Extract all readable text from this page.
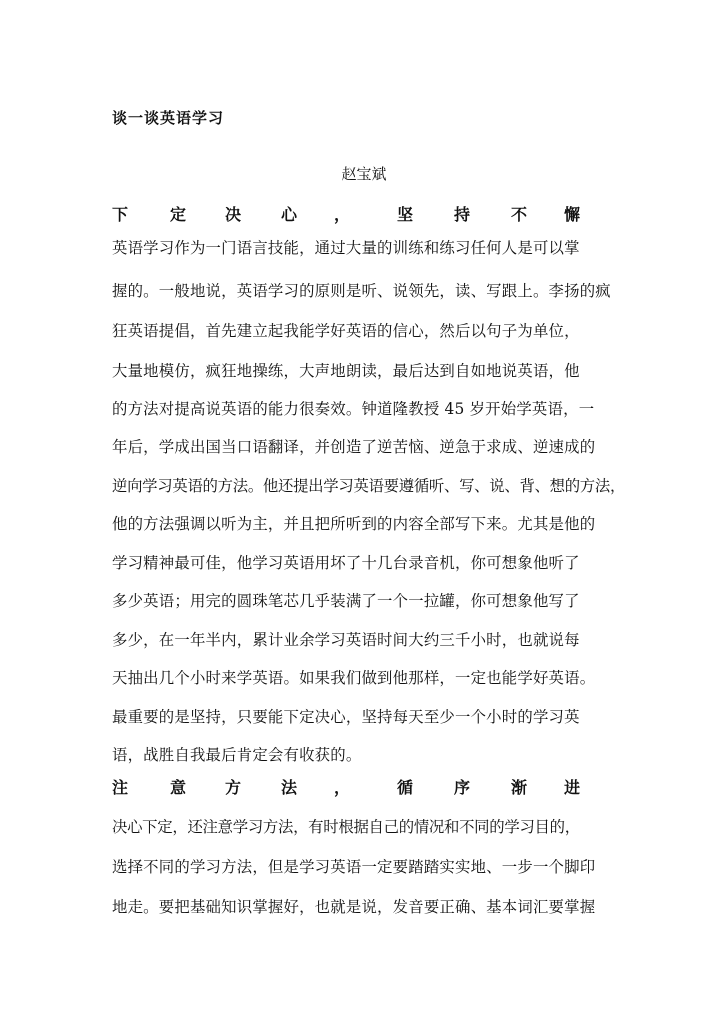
谈一谈英语学习
赵宝斌
下	定	决	心	，	坚	持	不	懈
英语学习作为一门语言技能，通过大量的训练和练习任何人是可以掌
握的。一般地说，英语学习的原则是听、说领先，读、写跟上。李扬的疯
狂英语提倡，首先建立起我能学好英语的信心，然后以句子为单位，
大量地模仿，疯狂地操练，大声地朗读，最后达到自如地说英语，他
的方法对提高说英语的能力很奏效。钟道隆教授 45 岁开始学英语，一
年后，学成出国当口语翻译，并创造了逆苦恼、逆急于求成、逆速成的
逆向学习英语的方法。他还提出学习英语要遵循听、写、说、背、想的方法，
他的方法强调以听为主，并且把所听到的内容全部写下来。尤其是他的
学习精神最可佳，他学习英语用坏了十几台录音机，你可想象他听了
多少英语；用完的圆珠笔芯几乎装满了一个一拉罐，你可想象他写了
多少，在一年半内，累计业余学习英语时间大约三千小时，也就说每
天抽出几个小时来学英语。如果我们做到他那样，一定也能学好英语。
最重要的是坚持，只要能下定决心，坚持每天至少一个小时的学习英
语，战胜自我最后肯定会有收获的。
注	意	方	法	，	循	序	渐	进
决心下定，还注意学习方法，有时根据自己的情况和不同的学习目的，
选择不同的学习方法，但是学习英语一定要踏踏实实地、一步一个脚印
地走。要把基础知识掌握好，也就是说，发音要正确、基本词汇要掌握
